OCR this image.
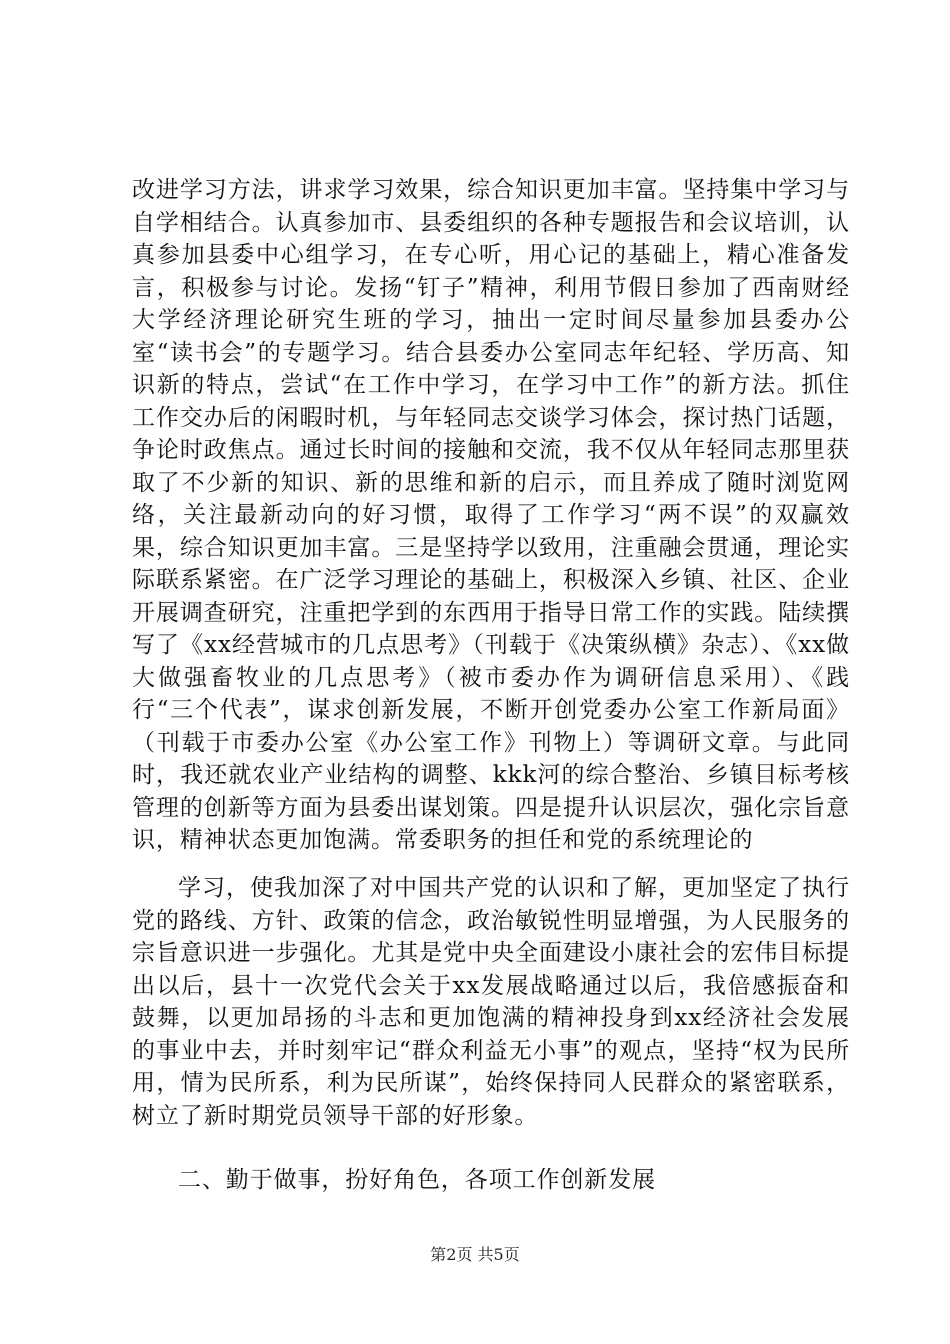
改进学习方法，讲求学习效果，综合知识更加丰富。坚持集中学习与自学相结合。认真参加市、县委组织的各种专题报告和会议培训，认真参加县委中心组学习，在专心听，用心记的基础上，精心准备发言，积极参与讨论。发扬“钉子”精神，利用节假日参加了西南财经大学经济理论研究生班的学习，抽出一定时间尽量参加县委办公室“读书会”的专题学习。结合县委办公室同志年纪轻、学历高、知识新的特点，尝试“在工作中学习，在学习中工作”的新方法。抓住工作交办后的闲暇时机，与年轻同志交谈学习体会，探讨热门话题，争论时政焦点。通过长时间的接触和交流，我不仅从年轻同志那里获取了不少新的知识、新的思维和新的启示，而且养成了随时浏览网络，关注最新动向的好习惯，取得了工作学习“两不误”的双赢效果，综合知识更加丰富。三是坚持学以致用，注重融会贯通，理论实际联系紧密。在广泛学习理论的基础上，积极深入乡镇、社区、企业开展调查研究，注重把学到的东西用于指导日常工作的实践。陆续撰写了《xx经营城市的几点思考》（刊载于《决策纵横》杂志）、《xx做大做强畜牧业的几点思考》（被市委办作为调研信息采用）、《践行“三个代表”，谋求创新发展，不断开创党委办公室工作新局面》（刊载于市委办公室《办公室工作》刊物上）等调研文章。与此同时，我还就农业产业结构的调整、kkk河的综合整治、乡镇目标考核管理的创新等方面为县委出谋划策。四是提升认识层次，强化宗旨意识，精神状态更加饱满。常委职务的担任和党的系统理论的

学习，使我加深了对中国共产党的认识和了解，更加坚定了执行党的路线、方针、政策的信念，政治敏锐性明显增强，为人民服务的宗旨意识进一步强化。尤其是党中央全面建设小康社会的宏伟目标提出以后，县十一次党代会关于xx发展战略通过以后，我倍感振奋和鼓舞，以更加昂扬的斗志和更加饱满的精神投身到xx经济社会发展的事业中去，并时刻牢记“群众利益无小事”的观点，坚持“权为民所用，情为民所系，利为民所谋”，始终保持同人民群众的紧密联系，树立了新时期党员领导干部的好形象。

二、勤于做事，扮好角色，各项工作创新发展

第2页 共5页
